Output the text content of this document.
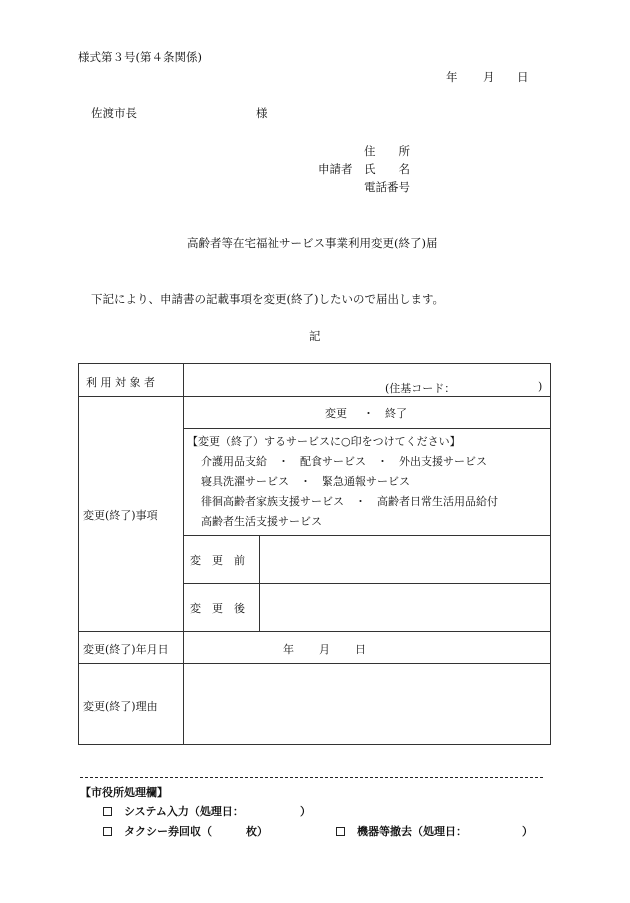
様式第３号(第４条関係)
年 月 日
佐渡市長	様
住　　所
申請者 氏　　名
電話番号
高齢者等在宅福祉サービス事業利用変更(終了)届
下記により、申請書の記載事項を変更(終了)したいので届出します。
記
利 用 対 象 者	(住基コード：	)
変更(終了)事項
変更 ・ 終了
【変更（終了）するサービスに○印をつけてください】
介護用品支給　・　配食サービス　・　外出支援サービス
寝具洗濯サービス　・　緊急通報サービス
徘徊高齢者家族支援サービス　・　高齢者日常生活用品給付
高齢者生活支援サービス
変　更　前
変　更　後
変更(終了)年月日	年 月 日
変更(終了)理由
【市役所処理欄】
システム入力（処理日：	）
タクシー券回収（	枚）	機器等撤去（処理日：	）
